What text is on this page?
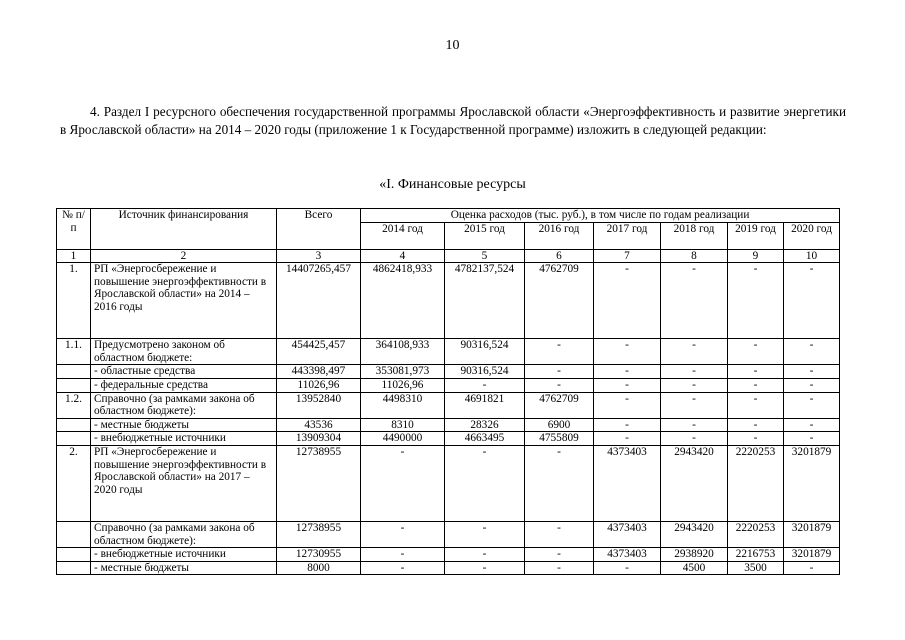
10
4. Раздел I ресурсного обеспечения государственной программы Ярославской области «Энергоэффективность и развитие энергетики в Ярославской области» на 2014 – 2020 годы (приложение 1 к Государственной программе) изложить в следующей редакции:
«I. Финансовые ресурсы
№ п/п	Источник финансирования	Всего	Оценка расходов (тыс. руб.), в том числе по годам реализации						
			2014 год	2015 год	2016 год	2017 год	2018 год	2019 год	2020 год
1	2	3	4	5	6	7	8	9	10
1.	РП «Энергосбережение и повышение энергоэффективности в Ярославской области» на 2014 – 2016 годы	14407265,457	4862418,933	4782137,524	4762709	-	-	-	-
1.1.	Предусмотрено законом об областном бюджете:	454425,457	364108,933	90316,524	-	-	-	-	-
	- областные средства	443398,497	353081,973	90316,524	-	-	-	-	-
	- федеральные средства	11026,96	11026,96	-	-	-	-	-	-
1.2.	Справочно (за рамками закона об областном бюджете):	13952840	4498310	4691821	4762709	-	-	-	-
	- местные бюджеты	43536	8310	28326	6900	-	-	-	-
	- внебюджетные источники	13909304	4490000	4663495	4755809	-	-	-	-
2.	РП «Энергосбережение и повышение энергоэффективности в Ярославской области» на 2017 – 2020 годы	12738955	-	-	-	4373403	2943420	2220253	3201879
	Справочно (за рамками закона об областном бюджете):	12738955	-	-	-	4373403	2943420	2220253	3201879
	- внебюджетные источники	12730955	-	-	-	4373403	2938920	2216753	3201879
	- местные бюджеты	8000	-	-	-	-	4500	3500	-
